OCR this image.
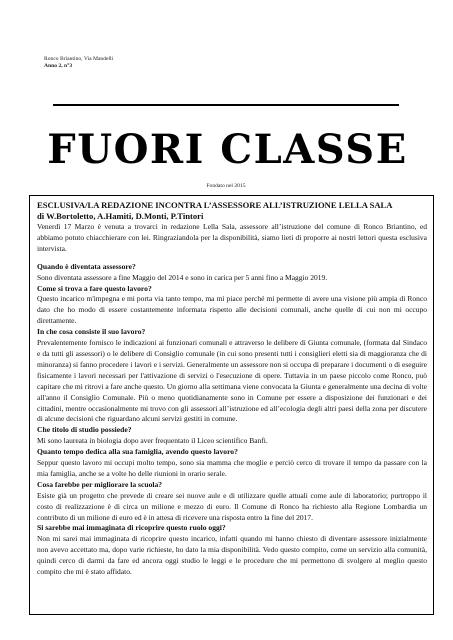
Ronco Briantino, Via Mandelli
Anno 2, n°3
FUORI CLASSE
Fondato nel 2015
ESCLUSIVA/LA REDAZIONE INCONTRA L’ASSESSORE ALL’ISTRUZIONE LELLA SALA
di W.Bortoletto, A.Hamiti, D.Monti, P.Tintori
Venerdì 17 Marzo è venuta a trovarci in redazione Lella Sala, assessore all’istruzione del comune di Ronco Briantino, ed abbiamo potuto chiacchierare con lei. Ringraziandola per la disponibilità, siamo lieti di proporre ai nostri lettori questa esclusiva intervista.
Quando è diventata assessore?
Sono diventata assessore a fine Maggio del 2014 e sono in carica per 5 anni fino a Maggio 2019.
Come si trova a fare questo lavoro?
Questo incarico m'impegna e mi porta via tanto tempo, ma mi piace perché mi permette di avere una visione più ampia di Ronco dato che ho modo di essere costantemente informata rispetto alle decisioni comunali, anche quelle di cui non mi occupo direttamente.
In che cosa consiste il suo lavoro?
Prevalentemente fornisco le indicazioni ai funzionari comunali e attraverso le delibere di Giunta comunale, (formata dal Sindaco e da tutti gli assessori) o le delibere di Consiglio comunale (in cui sono presenti tutti i consiglieri eletti sia di maggioranza che di minoranza) si fanno procedere i lavori e i servizi. Generalmente un assessore non si occupa di preparare i documenti o di eseguire fisicamente i lavori necessari per l'attivazione di servizi o l'esecuzione di opere. Tuttavia in un paese piccolo come Ronco, può capitare che mi ritrovi a fare anche questo. Un giorno alla settimana viene convocata la Giunta e generalmente una decina di volte all'anno il Consiglio Comunale. Più o meno quotidianamente sono in Comune per essere a disposizione dei funzionari e dei cittadini, mentre occasionalmente mi trovo con gli assessori all’istruzione ed all’ecologia degli altri paesi della zona per discutere di alcune decisioni che riguardano alcuni servizi gestiti in comune.
Che titolo di studio possiede?
Mi sono laureata in biologia dopo aver frequentato il Liceo scientifico Banfi.
Quanto tempo dedica alla sua famiglia, avendo questo lavoro?
Seppur questo lavoro mi occupi molto tempo, sono sia mamma che moglie e perciò cerco di trovare il tempo da passare con la mia famiglia, anche se a volte ho delle riunioni in orario serale.
Cosa farebbe per migliorare la scuola?
Esiste già un progetto che prevede di creare sei nuove aule e di utilizzare quelle attuali come aule di laboratorio; purtroppo il costo di realizzazione è di circa un milione e mezzo di euro. Il Comune di Ronco ha richiesto alla Regione Lombardia un contributo di un milione di euro ed è in attesa di ricevere una risposta entro la fine del 2017.
Si sarebbe mai immaginata di ricoprire questo ruolo oggi?
Non mi sarei mai immaginata di ricoprire questo incarico, infatti quando mi hanno chiesto di diventare assessore inizialmente non avevo accettato ma, dopo varie richieste, ho dato la mia disponibilità. Vedo questo compito, come un servizio alla comunità, quindi cerco di darmi da fare ed ancora oggi studio le leggi e le procedure che mi permettono di svolgere al meglio questo compito che mi è stato affidato.
